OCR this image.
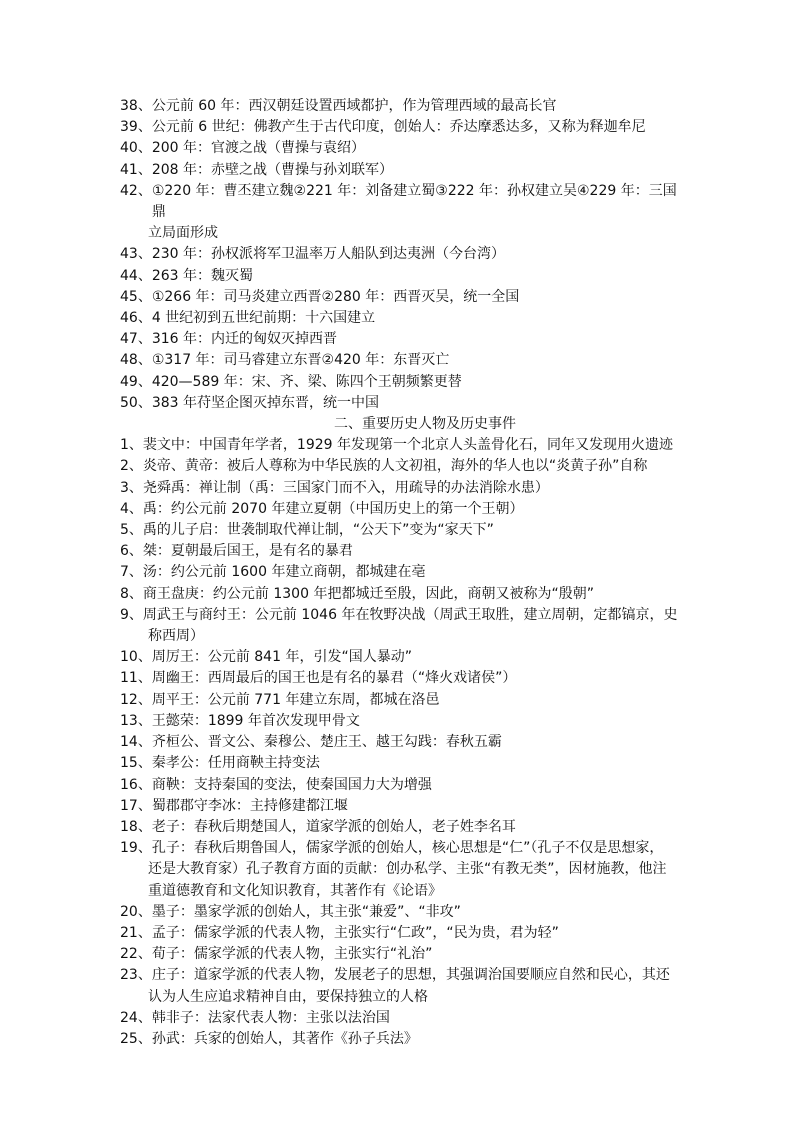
38、 公元前 60 年：西汉朝廷设置西域都护，作为管理西域的最高长官
39、 公元前 6 世纪：佛教产生于古代印度，创始人：乔达摩悉达多，又称为释迦牟尼
40、 200 年：官渡之战（曹操与袁绍）
41、 208 年：赤壁之战（曹操与孙刘联军）
42、 ①220 年：曹丕建立魏②221 年：刘备建立蜀③222 年：孙权建立吴④229 年：三国鼎
立局面形成
43、 230 年：孙权派将军卫温率万人船队到达夷洲（今台湾）
44、 263 年：魏灭蜀
45、 ①266 年：司马炎建立西晋②280 年：西晋灭吴，统一全国
46、 4 世纪初到五世纪前期：十六国建立
47、 316 年：内迁的匈奴灭掉西晋
48、 ①317 年：司马睿建立东晋②420 年：东晋灭亡
49、 420—589 年：宋、齐、梁、陈四个王朝频繁更替
50、 383 年苻坚企图灭掉东晋，统一中国
二、重要历史人物及历史事件
1、 裴文中：中国青年学者，1929 年发现第一个北京人头盖骨化石，同年又发现用火遗迹
2、 炎帝、黄帝：被后人尊称为中华民族的人文初祖，海外的华人也以“炎黄子孙”自称
3、 尧舜禹：禅让制（禹：三国家门而不入，用疏导的办法消除水患）
4、 禹：约公元前 2070 年建立夏朝（中国历史上的第一个王朝）
5、 禹的儿子启：世袭制取代禅让制，“公天下”变为“家天下”
6、 桀：夏朝最后国王，是有名的暴君
7、 汤：约公元前 1600 年建立商朝，都城建在亳
8、 商王盘庚：约公元前 1300 年把都城迁至殷，因此，商朝又被称为“殷朝”
9、 周武王与商纣王：公元前 1046 年在牧野决战（周武王取胜，建立周朝，定都镐京，史
称西周）
10、 周厉王：公元前 841 年，引发“国人暴动”
11、 周幽王：西周最后的国王也是有名的暴君（“烽火戏诸侯”）
12、 周平王：公元前 771 年建立东周，都城在洛邑
13、 王懿荣：1899 年首次发现甲骨文
14、 齐桓公、晋文公、秦穆公、楚庄王、越王勾践：春秋五霸
15、 秦孝公：任用商鞅主持变法
16、 商鞅：支持秦国的变法，使秦国国力大为增强
17、 蜀郡郡守李冰：主持修建都江堰
18、 老子：春秋后期楚国人，道家学派的创始人，老子姓李名耳
19、 孔子：春秋后期鲁国人，儒家学派的创始人，核心思想是“仁”（孔子不仅是思想家，
还是大教育家）孔子教育方面的贡献：创办私学、主张“有教无类”，因材施教，他注
重道德教育和文化知识教育，其著作有《论语》
20、 墨子：墨家学派的创始人，其主张“兼爱”、“非攻”
21、 孟子：儒家学派的代表人物，主张实行“仁政”，“民为贵，君为轻”
22、 荀子：儒家学派的代表人物，主张实行“礼治”
23、 庄子：道家学派的代表人物，发展老子的思想，其强调治国要顺应自然和民心，其还
认为人生应追求精神自由，要保持独立的人格
24、 韩非子：法家代表人物：主张以法治国
25、 孙武：兵家的创始人，其著作《孙子兵法》
